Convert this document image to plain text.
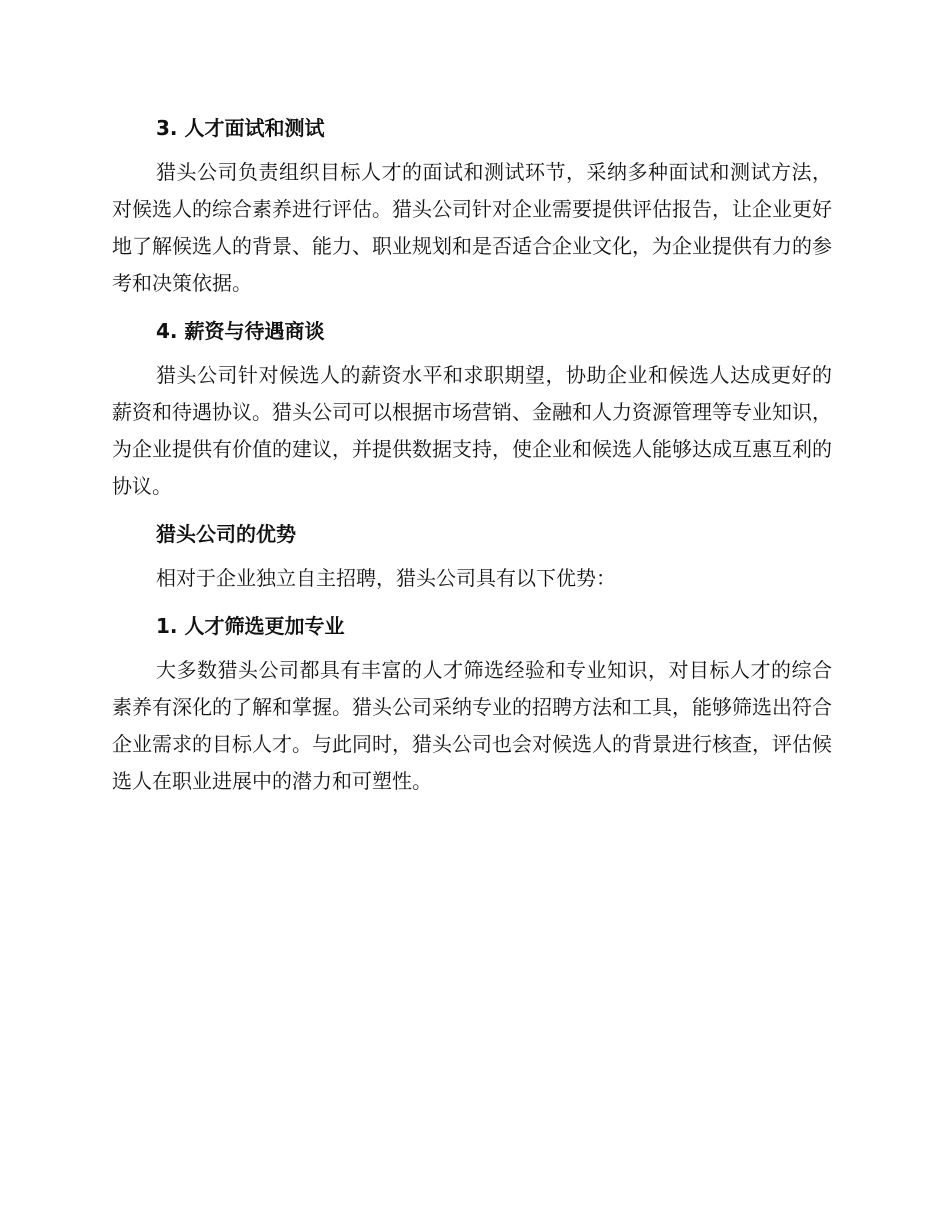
3. 人才面试和测试

猎头公司负责组织目标人才的面试和测试环节，采纳多种面试和测试方法，对候选人的综合素养进行评估。猎头公司针对企业需要提供评估报告，让企业更好地了解候选人的背景、能力、职业规划和是否适合企业文化，为企业提供有力的参考和决策依据。

4. 薪资与待遇商谈

猎头公司针对候选人的薪资水平和求职期望，协助企业和候选人达成更好的薪资和待遇协议。猎头公司可以根据市场营销、金融和人力资源管理等专业知识，为企业提供有价值的建议，并提供数据支持，使企业和候选人能够达成互惠互利的协议。

猎头公司的优势

相对于企业独立自主招聘，猎头公司具有以下优势：

1. 人才筛选更加专业

大多数猎头公司都具有丰富的人才筛选经验和专业知识，对目标人才的综合素养有深化的了解和掌握。猎头公司采纳专业的招聘方法和工具，能够筛选出符合企业需求的目标人才。与此同时，猎头公司也会对候选人的背景进行核查，评估候选人在职业进展中的潜力和可塑性。
